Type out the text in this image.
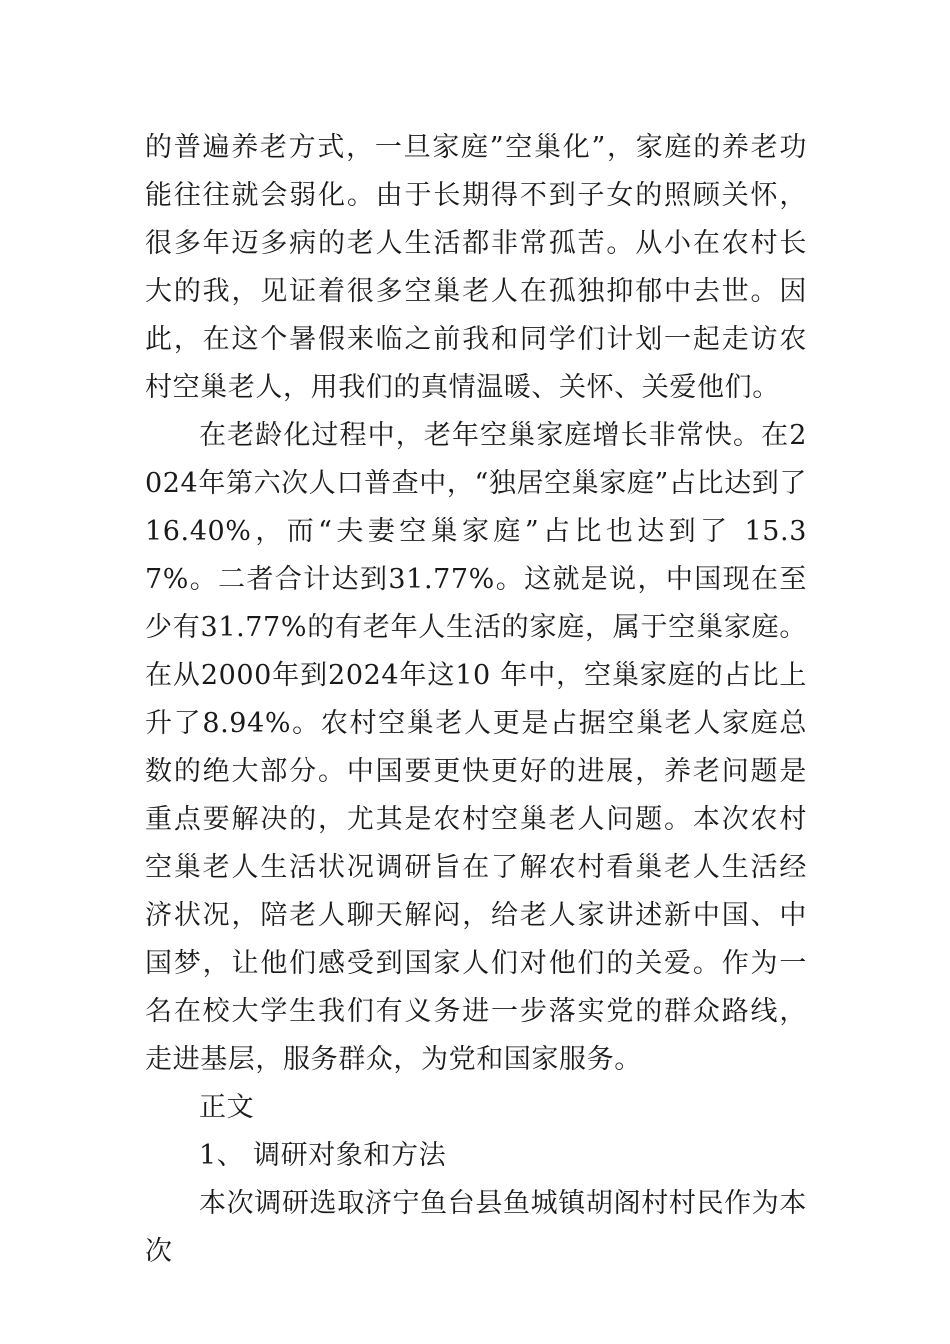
的普遍养老方式，一旦家庭”空巢化”，家庭的养老功能往往就会弱化。由于长期得不到子女的照顾关怀，很多年迈多病的老人生活都非常孤苦。从小在农村长大的我，见证着很多空巢老人在孤独抑郁中去世。因此，在这个暑假来临之前我和同学们计划一起走访农村空巢老人，用我们的真情温暖、关怀、关爱他们。

在老龄化过程中，老年空巢家庭增长非常快。在2024年第六次人口普查中，“独居空巢家庭”占比达到了16.40%，而“夫妻空巢家庭”占比也达到了 15.37%。二者合计达到31.77%。这就是说，中国现在至少有31.77%的有老年人生活的家庭，属于空巢家庭。在从2000年到2024年这10 年中，空巢家庭的占比上升了8.94%。农村空巢老人更是占据空巢老人家庭总数的绝大部分。中国要更快更好的进展，养老问题是重点要解决的，尤其是农村空巢老人问题。本次农村空巢老人生活状况调研旨在了解农村看巢老人生活经济状况，陪老人聊天解闷，给老人家讲述新中国、中国梦，让他们感受到国家人们对他们的关爱。作为一名在校大学生我们有义务进一步落实党的群众路线，走进基层，服务群众，为党和国家服务。

正文

1、 调研对象和方法

本次调研选取济宁鱼台县鱼城镇胡阁村村民作为本次
